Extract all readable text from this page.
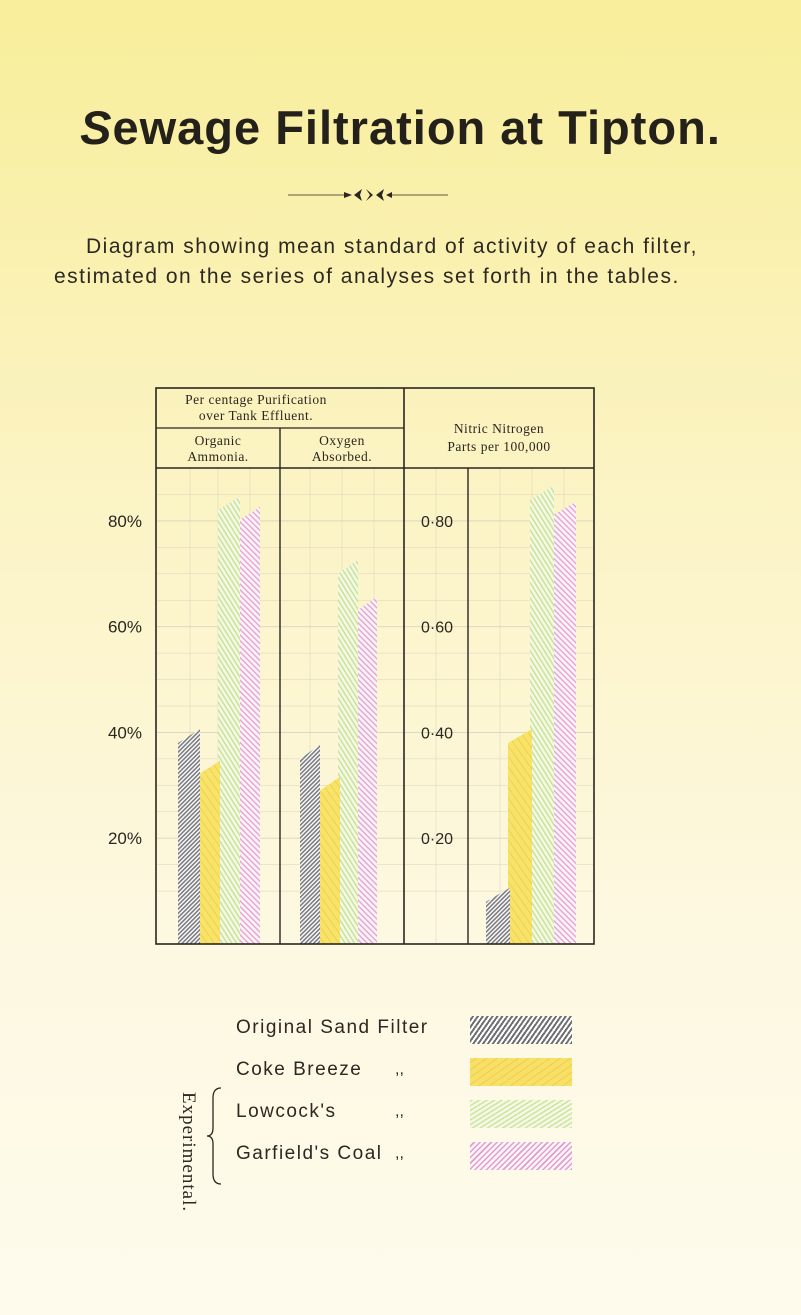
Sewage Filtration at Tipton.
Diagram showing mean standard of activity of each filter, estimated on the series of analyses set forth in the tables.
Per centage Purification
over Tank Effluent.
Organic
Ammonia.
Oxygen
Absorbed.
Nitric Nitrogen
Parts per 100,000
80%
60%
40%
20%
0·80
0·60
0·40
0·20
Original Sand Filter
Coke Breeze ,,
Lowcock's	,,
Garfield's Coal ,,
Experimental.
